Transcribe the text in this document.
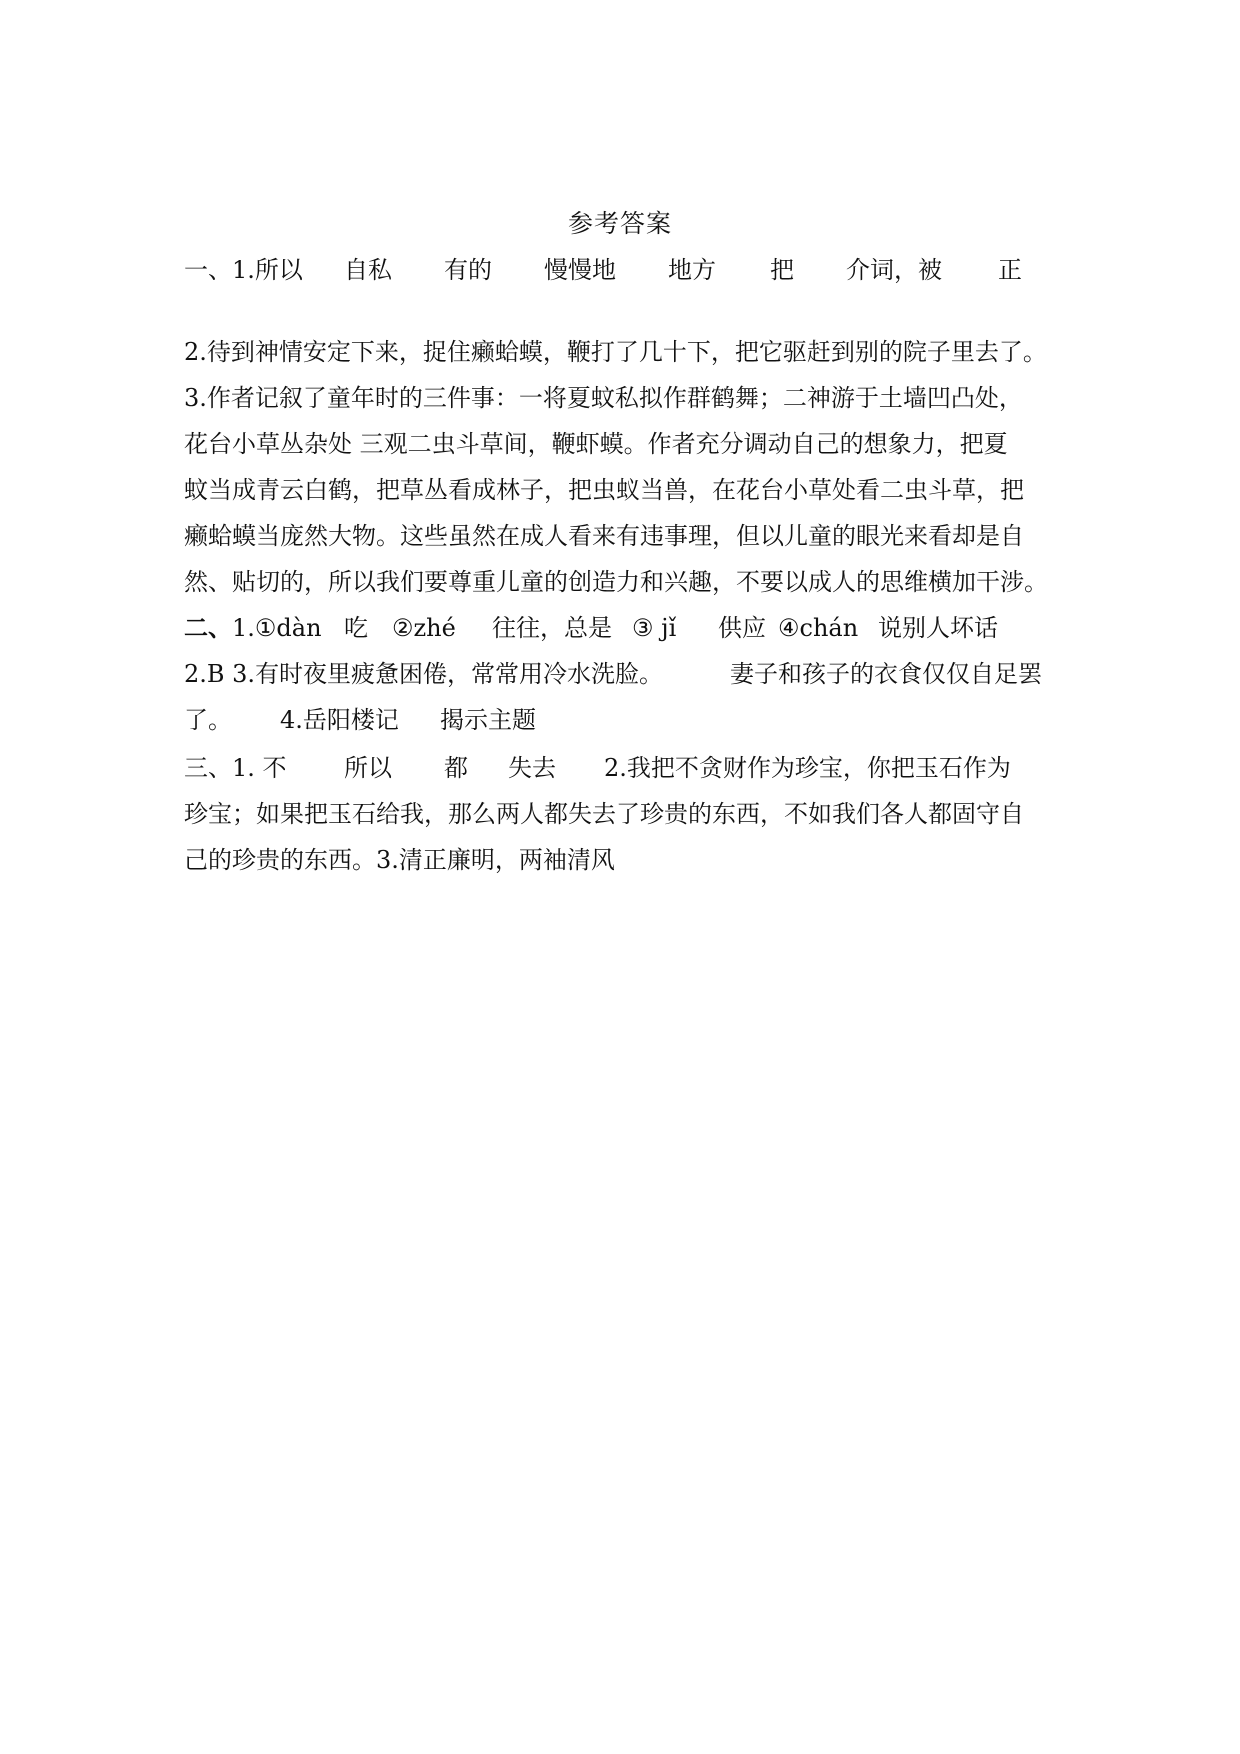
参考答案
一、1.所以	自私	有的	慢慢地	地方	把	介词，被	正
2.待到神情安定下来，捉住癞蛤蟆，鞭打了几十下，把它驱赶到别的院子里去了。
3.作者记叙了童年时的三件事：一将夏蚊私拟作群鹤舞；二神游于土墙凹凸处，
花台小草丛杂处 三观二虫斗草间，鞭虾蟆。作者充分调动自己的想象力，把夏
蚊当成青云白鹤，把草丛看成林子，把虫蚁当兽，在花台小草处看二虫斗草，把
癞蛤蟆当庞然大物。这些虽然在成人看来有违事理，但以儿童的眼光来看却是自
然、贴切的，所以我们要尊重儿童的创造力和兴趣，不要以成人的思维横加干涉。
二、 1.①dàn 吃	②zhé	往往，总是 ③ jǐ	供应 ④chán 说别人坏话
2.B 3.有时夜里疲惫困倦，常常用冷水洗脸。	妻子和孩子的衣食仅仅自足罢
了。	4.岳阳楼记	揭示主题
三、1. 不	所以	都	失去	2.我把不贪财作为珍宝，你把玉石作为
珍宝；如果把玉石给我，那么两人都失去了珍贵的东西，不如我们各人都固守自
己的珍贵的东西。3.清正廉明，两袖清风
